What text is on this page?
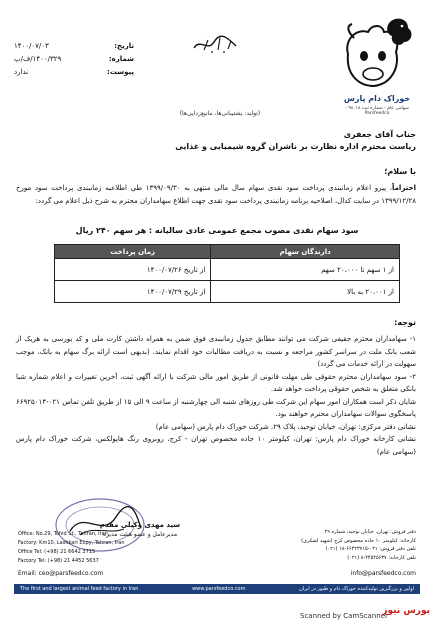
تاریخ:
۱۴۰۰/۰۷/۰۳
شماره:
۱۴۰۰/۳۲۹/ف/پ
پیوست:
ندارد
خوراک دام پارس
سهامی عام - شماره ثبت ۹۸۰۱۸ - Parsfeedco
(تولید: پشتیبانی‌ها، مانیع‌زدایی‌ها)
جناب آقای جعفری
ریاست محترم اداره نظارت بر ناشران گروه شیمیایی و غذایی
با سلام؛
احتراماً، پیرو اعلام زمانبندی پرداخت سود نقدی سهام سال مالی منتهی به ۱۳۹۹/۰۹/۳۰ طی اطلاعیه زمانبندی پرداخت سود مورخ ۱۳۹۹/۱۲/۲۸ در سایت کدال، اصلاحیه برنامه زمانبندی پرداخت سود نقدی جهت اطلاع سهامداران محترم به شرح ذیل اعلام می گردد:
سود سهام نقدی مصوب مجمع عمومی عادی سالیانه : هر سهم ۲۴۰ ریال
دارندگان سهام	زمان پرداخت
از ۱ سهم تا ۲۰،۰۰۰ سهم	از تاریخ ۱۴۰۰/۰۷/۲۶
از ۲۰،۰۰۱ به بالا	از تاریخ ۱۴۰۰/۰۷/۲۹
توجه:

۱- سهامداران محترم حقیقی شرکت می توانند مطابق جدول زمانبندی فوق ضمن به همراه داشتن کارت ملی و کد بورسی به هریک از شعب بانک ملت در سراسر کشور مراجعه و نسبت به دریافت مطالبات خود اقدام نمایند. (بدیهی است ارائه برگ سهام به بانک، موجب سهولت در ارائه خدمات می گردد)

۲- سود سهامداران محترم حقوقی طی مهلت قانونی از طریق امور مالی شرکت با ارائه آگهی ثبت، آخرین تغییرات و اعلام شماره شبا بانکی متعلق به شخص حقوقی پرداخت خواهد شد.

شایان ذکر است همکاران امور سهام این شرکت طی روزهای شنبه الی چهارشنبه از ساعت ۹ الی ۱۵ از طریق تلفن تماس ۰۲۱-۶۶۹۲۵۰۱۴ پاسخگوی سوالات سهامداران محترم خواهند بود.

نشانی دفتر مرکزی: تهران، خیابان توحید، پلاک ۲۹، شرکت خوراک دام پارس (سهامی عام)

نشانی کارخانه خوراک دام پارس: تهران، کیلومتر ۱۰ جاده مخصوص تهران - کرج، روبروی رنگ هاپولکس، شرکت خوراک دام پارس (سهامی عام)

سید مهدی وکیلی مقدم
مدیرعامل و عضو هیئت مدیره
Office: No.29, Tohid St., Tehran, Iran
Factory: Km10, Lashkari Expy, Tehran, Iran
Office Tel: (+98) 21 6642 3715
Factory Tel: (+98) 21 4452 5637
دفتر فروش: تهران، خیابان توحید، شماره ۲۹
کارخانه: کیلومتر ۱۰ جاده مخصوص کرج (شهید لشکری)
تلفن دفتر فروش: ۰۲۱-۶۶۴۲۳۷۱۵-۱۸ (۰۲۱)
تلفن کارخانه: ۴۴۵۲۵۶۳۷-۸ (۰۲۱)
Email: ceo@parsfeedco.com	info@parsfeedco.com
The first and largest animal feed factory in Iran	www.parsfeedco.com	اولین و بزرگترین تولیدکننده خوراک دام و طیور در ایران
Scanned by CamScanner
بورس نیوز
